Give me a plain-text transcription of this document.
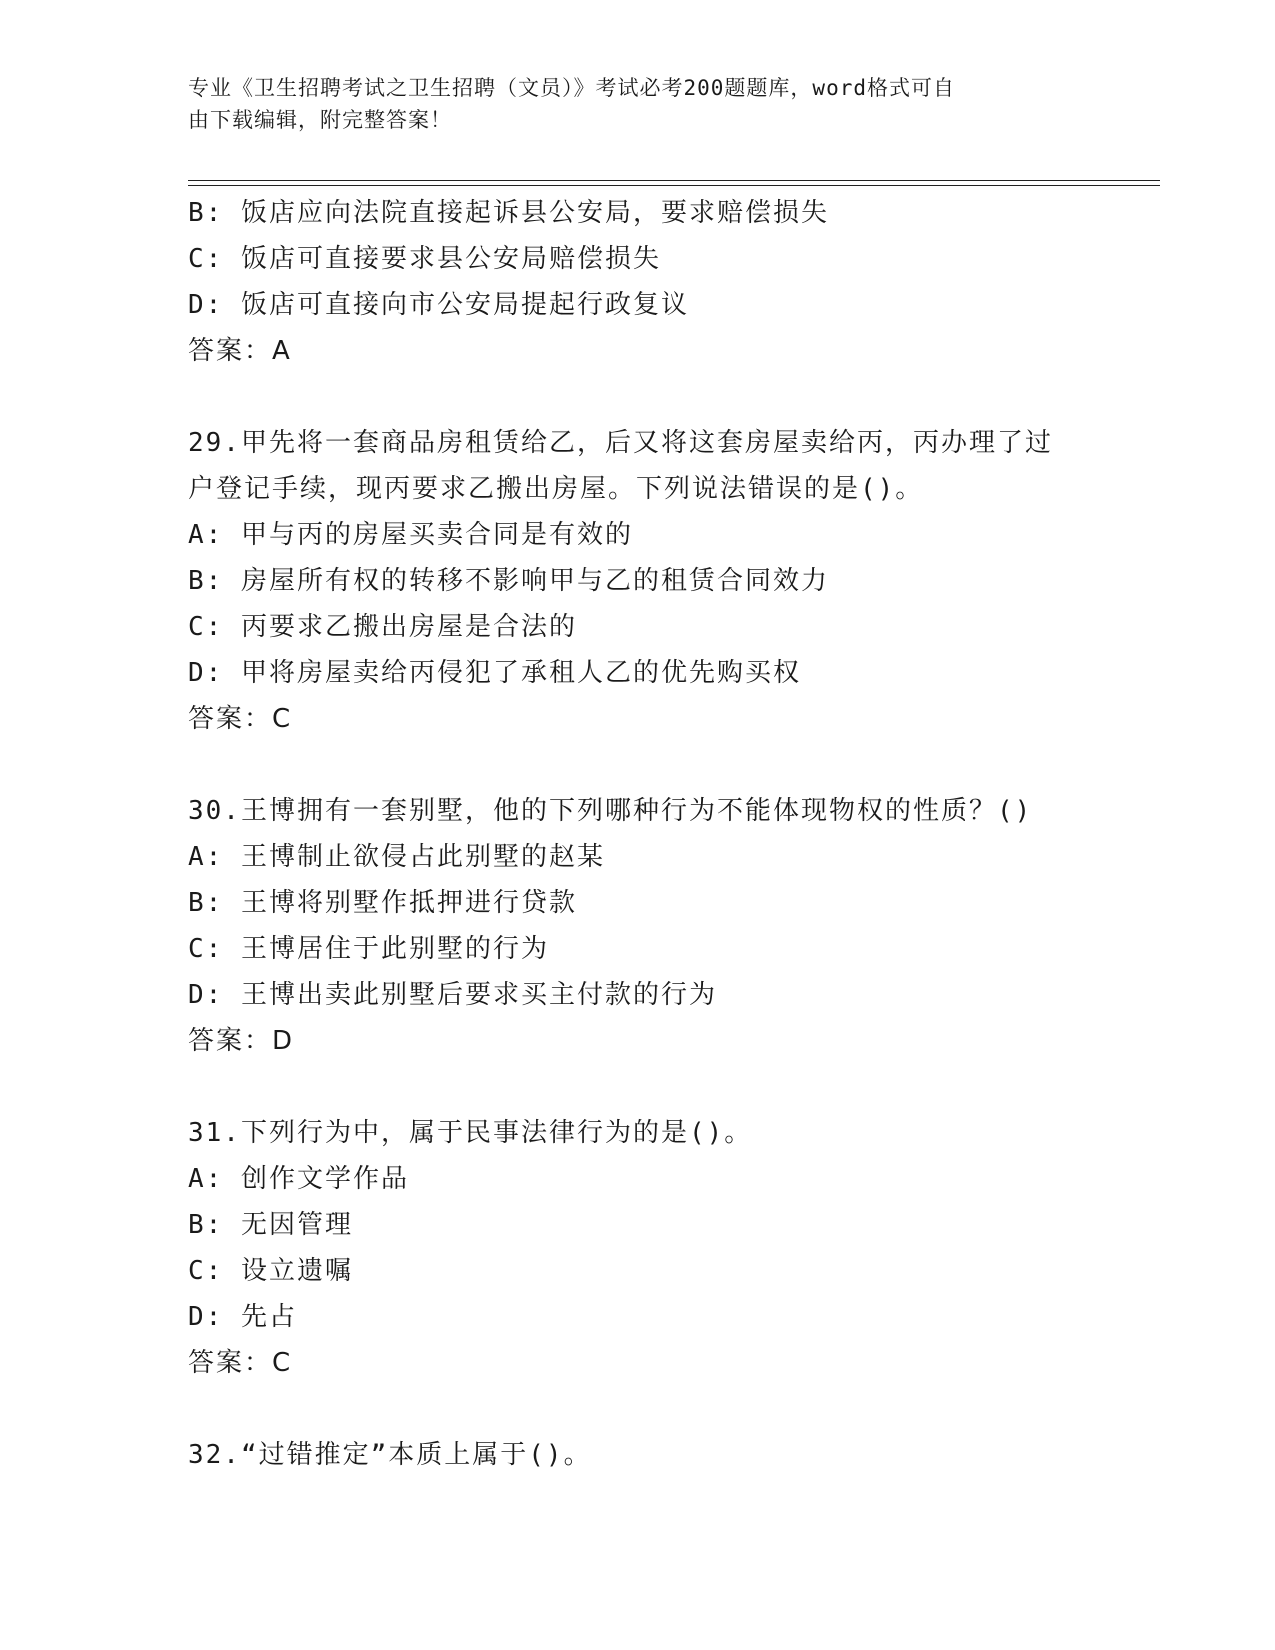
专业《卫生招聘考试之卫生招聘（文员）》考试必考200题题库，word格式可自
由下载编辑，附完整答案！
B: 饭店应向法院直接起诉县公安局，要求赔偿损失
C: 饭店可直接要求县公安局赔偿损失
D: 饭店可直接向市公安局提起行政复议
答案：A
29.甲先将一套商品房租赁给乙，后又将这套房屋卖给丙，丙办理了过
户登记手续，现丙要求乙搬出房屋。下列说法错误的是()。
A: 甲与丙的房屋买卖合同是有效的
B: 房屋所有权的转移不影响甲与乙的租赁合同效力
C: 丙要求乙搬出房屋是合法的
D: 甲将房屋卖给丙侵犯了承租人乙的优先购买权
答案：C
30.王博拥有一套别墅，他的下列哪种行为不能体现物权的性质？()
A: 王博制止欲侵占此别墅的赵某
B: 王博将别墅作抵押进行贷款
C: 王博居住于此别墅的行为
D: 王博出卖此别墅后要求买主付款的行为
答案：D
31.下列行为中，属于民事法律行为的是()。
A: 创作文学作品
B: 无因管理
C: 设立遗嘱
D: 先占
答案：C
32.“过错推定”本质上属于()。
